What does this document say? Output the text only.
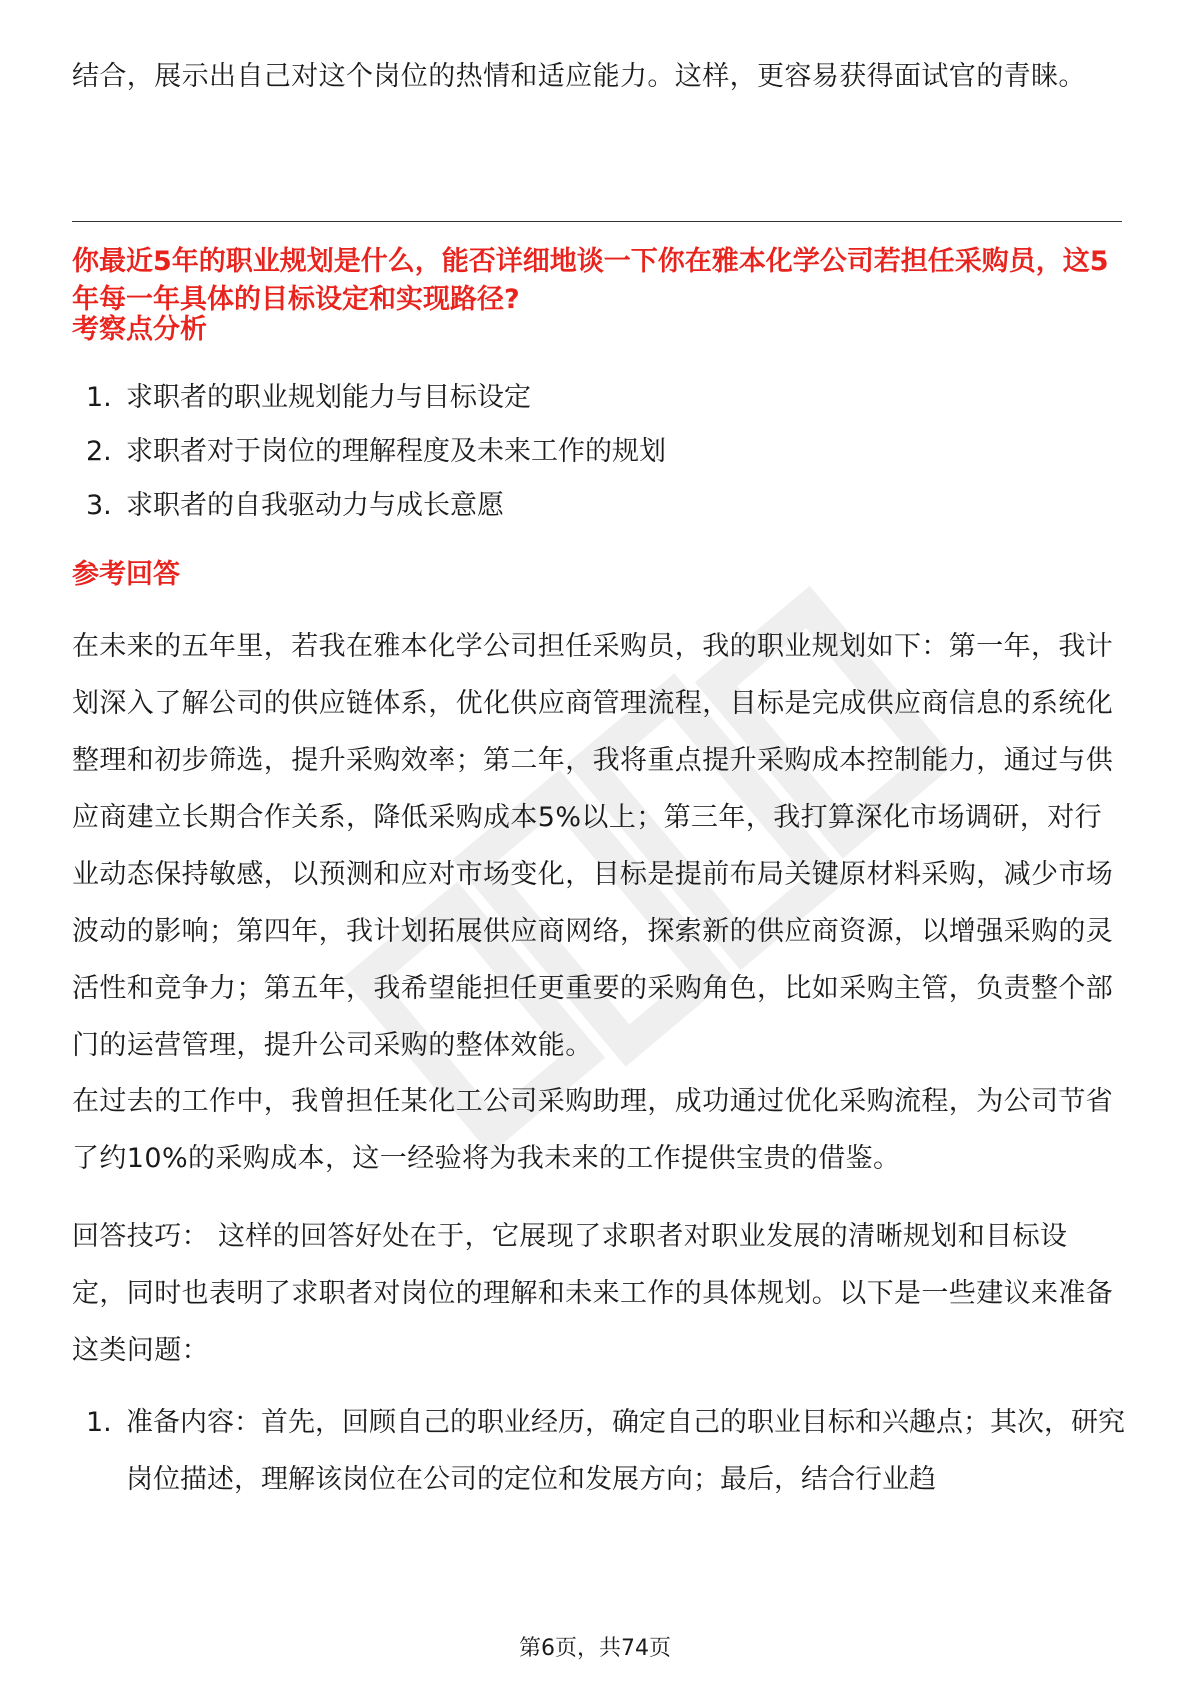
结合，展示出自己对这个岗位的热情和适应能力。这样，更容易获得面试官的青睐。

你最近5年的职业规划是什么，能否详细地谈一下你在雅本化学公司若担任采购员，这5年每一年具体的目标设定和实现路径?

考察点分析

1. 求职者的职业规划能力与目标设定

2. 求职者对于岗位的理解程度及未来工作的规划

3. 求职者的自我驱动力与成长意愿

参考回答

在未来的五年里，若我在雅本化学公司担任采购员，我的职业规划如下：第一年，我计划深入了解公司的供应链体系，优化供应商管理流程，目标是完成供应商信息的系统化整理和初步筛选，提升采购效率；第二年，我将重点提升采购成本控制能力，通过与供应商建立长期合作关系，降低采购成本5%以上；第三年，我打算深化市场调研，对行业动态保持敏感，以预测和应对市场变化，目标是提前布局关键原材料采购，减少市场波动的影响；第四年，我计划拓展供应商网络，探索新的供应商资源，以增强采购的灵活性和竞争力；第五年，我希望能担任更重要的采购角色，比如采购主管，负责整个部门的运营管理，提升公司采购的整体效能。

在过去的工作中，我曾担任某化工公司采购助理，成功通过优化采购流程，为公司节省了约10%的采购成本，这一经验将为我未来的工作提供宝贵的借鉴。

回答技巧： 这样的回答好处在于，它展现了求职者对职业发展的清晰规划和目标设定，同时也表明了求职者对岗位的理解和未来工作的具体规划。以下是一些建议来准备这类问题：

1. 准备内容：首先，回顾自己的职业经历，确定自己的职业目标和兴趣点；其次，研究岗位描述，理解该岗位在公司的定位和发展方向；最后，结合行业趋

第6页，共74页
